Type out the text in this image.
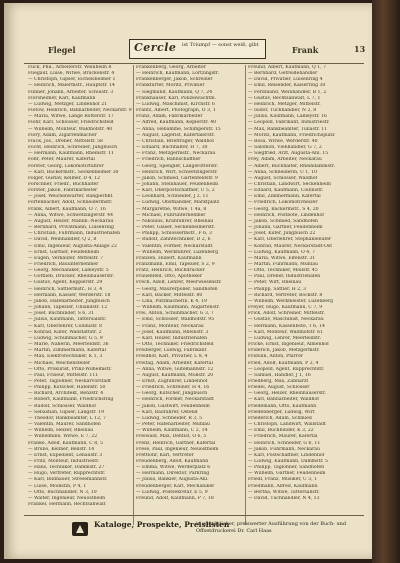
Flegel	Cercle ist Triumpf — sonst weiß, gibt	Frank	13
Flick, Phil., Arbeiterstr. Weinheim 8
Fliegauf, Luise, Witwe, Brückenstr. 4
— Christoph, Gipser, Eichelsheimer 1
— Heinrich, Malermstr., Hauptstr. 14
Flinner, Johann, Arbeiter, Schulstr. 3
Flörsheimer, Karl, Kaufmann
— Ludwig, Metzger, Lindenhof 21
Flotow, Heinrich, Bahnarbeiter, Neckarstr. 9
— Maria, Witwe, Lange Rötterstr. 17
Flohr, Karl, Schlosser, Friedrichsfeld
— Wilhelm, Monteur, Waldhofstr. 40
Flory, Adam, Zigarrenmacher
Fluck, Jos., Dreher, Mittelstr. 58
Focht, Heinrich, Schreiner, Jungbusch
— Hermann, Kaufmann, Rheinstr. 11
Föhr, Peter, Maurer, Käfertal
Förster, Georg, Lokomotivführer
— Karl, Bäckermstr., Seckenheimer 30
Folger, Gustav, Kellner, D 4, 12
Forschner, Friedr., Buchhalter
Forster, Jakob, Fabrikarbeiter
— Josef, Weichenwärter, Rangierbhf.
Fortenbacher, Adolf, Schneidermstr.
Frank, Albert, Kaufmann, O 7, 16
— Anna, Witwe, Schwetzingerstr. 44
— August, Heizer, Mannh.-Neckarau
— Bernhard, Privatmann, Luisenring
— Christian, Fuhrmann, Industriehafen
— David, Weinhändler, Q 2, 8
— Emil, Ingenieur, Augusta-Anlage 22
— Ernst, Gärtner, Feudenheim
— Eugen, Verkäufer, Mittelstr. 7
— Friedrich, Bauunternehmer
— Georg, Mechaniker, Lameystr. 5
— Gottlieb, Drucker, Rheinhäuserstr.
— Gustav, Agent, Kepplerstr. 29
— Heinrich, Sattlermstr., H 3, 4
— Hermann, Kassier, Werderstr. 18
— Jakob, Hafenarbeiter, Jungbusch
— Johann, Tapezier, Uhlandstr. 12
— Josef, Buchbinder, S 6, 31
— Julius, Kaufmann, Tattersallstr.
— Karl, Oberlehrer, Collinistr. 8
— Konrad, Küfer, Wallstattstr. 2
— Ludwig, Schuhmacher, G 5, 9
— Marie, Näherin, Meerfeldstr. 36
— Martin, Zimmermann, Käfertal
— Max, Elektrotechniker, K 1, 3
— Michael, Weichensteller
— Otto, Prokurist, Prinz-Wilhelmstr.
— Paul, Friseur, Mittelstr. 111
— Peter, Taglöhner, Neckarvorstadt
— Philipp, Kutscher, Hafenstr. 50
— Richard, Architekt, Renzstr. 4
— Robert, Kaufmann, Friedrichsring
— Rudolf, Schlosser, Waldhof
— Sebastian, Gipser, Langstr. 19
— Theodor, Bankbeamter, L 12, 7
— Valentin, Maurer, Sandhofen
— Wilhelm, Heizer, Rheinau
— Wilhelmine, Witwe, E 7, 22
Franke, Adolf, Kaufmann, C 8, 5
— Bruno, Kellner, Beilstr. 14
— Ernst, Expedient, Lenaustr. 3
— Fritz, Monteur, Industriestr.
— Hans, Techniker, Dammstr. 27
— Hugo, Vertreter, Rupprechtstr.
— Karl, Bildhauer, Stresemannstr.
— Luise, Modistin, P 4, 1
— Otto, Buchhändler, N 3, 10
— Walter, Ingenieur, Neuostheim
Frankel, Hermann, Rechtsanwalt
Frankenberg, Georg, Arbeiter
— Heinrich, Kaufmann, Lortzingstr.
Frankenberger, Jakob, Schreiner
Frankfurter, Moritz, Privatier
— Siegmund, Kaufmann, Q 7, 24
Frankhauser, Karl, Polizeiwachtm.
— Ludwig, Maschinist, Kirchstr. 6
Frantz, Albert, Photograph, O 3, 1
Franz, Adam, Fabrikarbeiter
— Alfred, Kaufmann, Keplerstr. 40
— Anna, Hebamme, Schimperstr. 15
— August, Lagerist, Käfertalerstr.
— Christian, Briefträger, Waldhof
— Eduard, Buchhalter, H 7, 30
— Franz, Metzgermstr., Neckarau
— Friedrich, Bahnschaffner
— Georg, Spengler, Langerötterstr.
— Heinrich, Wirt, Schwetzingerstr.
— Jakob, Schmied, Gartenfeldstr. 9
— Johann, Steinhauer, Feudenheim
— Karl, Oberpostschaffner, U 5, 2
— Leonhard, Schneider, J 2, 11
— Ludwig, Obsthändler, Marktplatz
— Margarethe, Witwe, T 4a, 8
— Michael, Fuhrunternehmer
— Nikolaus, Kranführer, Rheinau
— Peter, Glaser, Seckenheimerstr.
— Philipp, Schlossermstr., F 6, 3
— Rudolf, Zahntechniker, D 2, 6
— Valentin, Former, Neckarstadt
— Wilhelm, Werkführer, Luzenberg
Franzen, Hubert, Kaufmann
Franzmann, Emil, Tapezier, S 2, 9
Fratz, Heinrich, Buchdrucker
Frauenfeld, Otto, Apotheker
Frech, Adolf, Lehrer, Meerwiesenstr.
— Georg, Maurerpolier, Sandhofen
— Karl, Bäcker, Mittelstr. 80
— Lina, Putzmacherin, K 4, 19
— Wilhelm, Kaufmann, Augartenstr.
Frei, Anton, Schuhmacher, G 3, 7
— Emil, Schlosser, Waldhofstr. 95
— Franz, Monteur, Neckarau
— Josef, Kaufmann, Rheinstr. 3
— Karl, Heizer, Industriehafen
— Otto, Techniker, Friedrichsfeld
Freiberger, Ludwig, Fabrikant
Freidhof, Karl, Privatier, L 8, 4
Freitag, Adam, Arbeiter, Käfertal
— Anna, Witwe, Gutemannstr. 12
— August, Kaufmann, Mollstr. 20
— Ernst, Zugführer, Lindenhof
— Friedrich, Schreiner, H 4, 16
— Georg, Kutscher, Jungbusch
— Heinrich, Former, Neckarstadt
— Jakob, Gastwirt, Feudenheim
— Karl, Bauführer, Ostend
— Ludwig, Schneider, R 3, 5
— Peter, Hafenarbeiter, Mühlau
— Wilhelm, Kaufmann, C 2, 14
Freiwald, Max, Dentist, O 6, 5
Frenz, Heinrich, Gärtner, Käfertal
Frese, Paul, Ingenieur, Neuostheim
Frettlöhr, Karl, Vertreter
Freudenberg, Adolf, Kaufmann
— Emma, Witwe, Werderplatz 6
— Hermann, Direktor, Parkring
— Julius, Bankier, Augusta-Anl.
Freudenberger, Karl, Mechaniker
— Ludwig, Postsekretär, E 5, 9
Freund, Adolf, Kaufmann, P 7, 18
Freund, Albert, Kaufmann, Q 1, 7
— Bernhard, Getreidehändler
— David, Privatier, Luisenring 4
— Emil, Reisender, Kaiserring 30
— Ferdinand, Weinhändler, B 1, 2
— Gustav, Rechtsanwalt, L 7, 1
— Heinrich, Metzger, Mittelstr.
— Isidor, Tuchhändler, N 2, 8
— Julius, Kaufmann, Lameystr. 16
— Leopold, Fabrikant, Industriestr.
— Max, Bankbeamter, Tullastr. 11
— Moritz, Kaufmann, Friedrichsplatz
— Rosa, Witwe, Werderstr. 40
— Salomon, Viehhändler, G 7, 2
— Siegfried, Arzt, Augusta-Anl. 15
Frey, Adam, Arbeiter, Neckarau
— Albert, Buchhalter, Rheindammstr.
— Anna, Schneiderin, U 1, 10
— August, Schlosser, Waldhof
— Christian, Landwirt, Seckenheim
— Eduard, Kaufmann, Collinistr.
— Emil, Zimmermann, Käfertal
— Friedrich, Lokomotivheizer
— Georg, Bäckermstr., S 4, 20
— Heinrich, Postbote, Lindenhof
— Jakob, Schmied, Sandhofen
— Johann, Gärtner, Feudenheim
— Josef, Küfer, Jungbusch 22
— Karl, Oberlehrer, Stephanienufer
— Konrad, Maurer, Neckarstadt-Ost
— Ludwig, Kaufmann, O 4, 7
— Maria, Witwe, Elfenstr. 31
— Martin, Fuhrmann, Mühlau
— Otto, Techniker, Mollstr. 45
— Paul, Dreher, Industriehafen
— Peter, Wirt, Rheinau
— Philipp, Sattler, H 2, 3
— Richard, Vertreter, Böckstr. 8
— Wilhelm, Werkmeister, Luzenberg
Freyer, Hugo, Kaufmann, C 7, 9
Frick, Adolf, Schreiner, Mittelstr.
— Gustav, Maschinist, Neckarau
— Hermann, Kassenbote, T 6, 14
— Karl, Monteur, Waldhofstr. 61
— Ludwig, Lehrer, Meerfeldstr.
Fricke, Ernst, Ingenieur, Almenhof
Friderich, Jakob, Metzgermstr.
Fridolin, Anton, Pfarrer
Fried, Adolf, Kaufmann, P 2, 4
— Leopold, Agent, Rupprechtstr.
— Samuel, Händler, J 1, 16
Friedberg, Max, Zahnarzt
Friedel, August, Schlosser
— Georg, Heizer, Rheinhäuserstr.
— Karl, Bahnarbeiter, Waldhof
Friedemann, Otto, Kaufmann
Friedenberger, Ludwig, Wirt
Friederich, Adam, Schmied
— Christoph, Landwirt, Wallstadt
— Emil, Buchbinder, K 3, 22
— Friedrich, Maurer, Käfertal
— Heinrich, Schneider, G 6, 11
— Jakob, Fuhrmann, Neckarau
— Karl, Postschaffner, Lindenhof
— Ludwig, Kaufmann, Dammstr. 5
— Philipp, Taglöhner, Sandhofen
— Wilhelm, Gärtner, Feudenheim
Friedl, Franz, Musiker, U 3, 1
Friedmann, Alfred, Kaufmann
— Bertha, Witwe, Tattersallstr.
— David, Tuchhändler, N 4, 13
Kataloge, Prospekte, Preislisten
in vorzüglicher, preiswerter Ausführung von der Buch- und Offsetdruckerei Dr. Carl Haas
